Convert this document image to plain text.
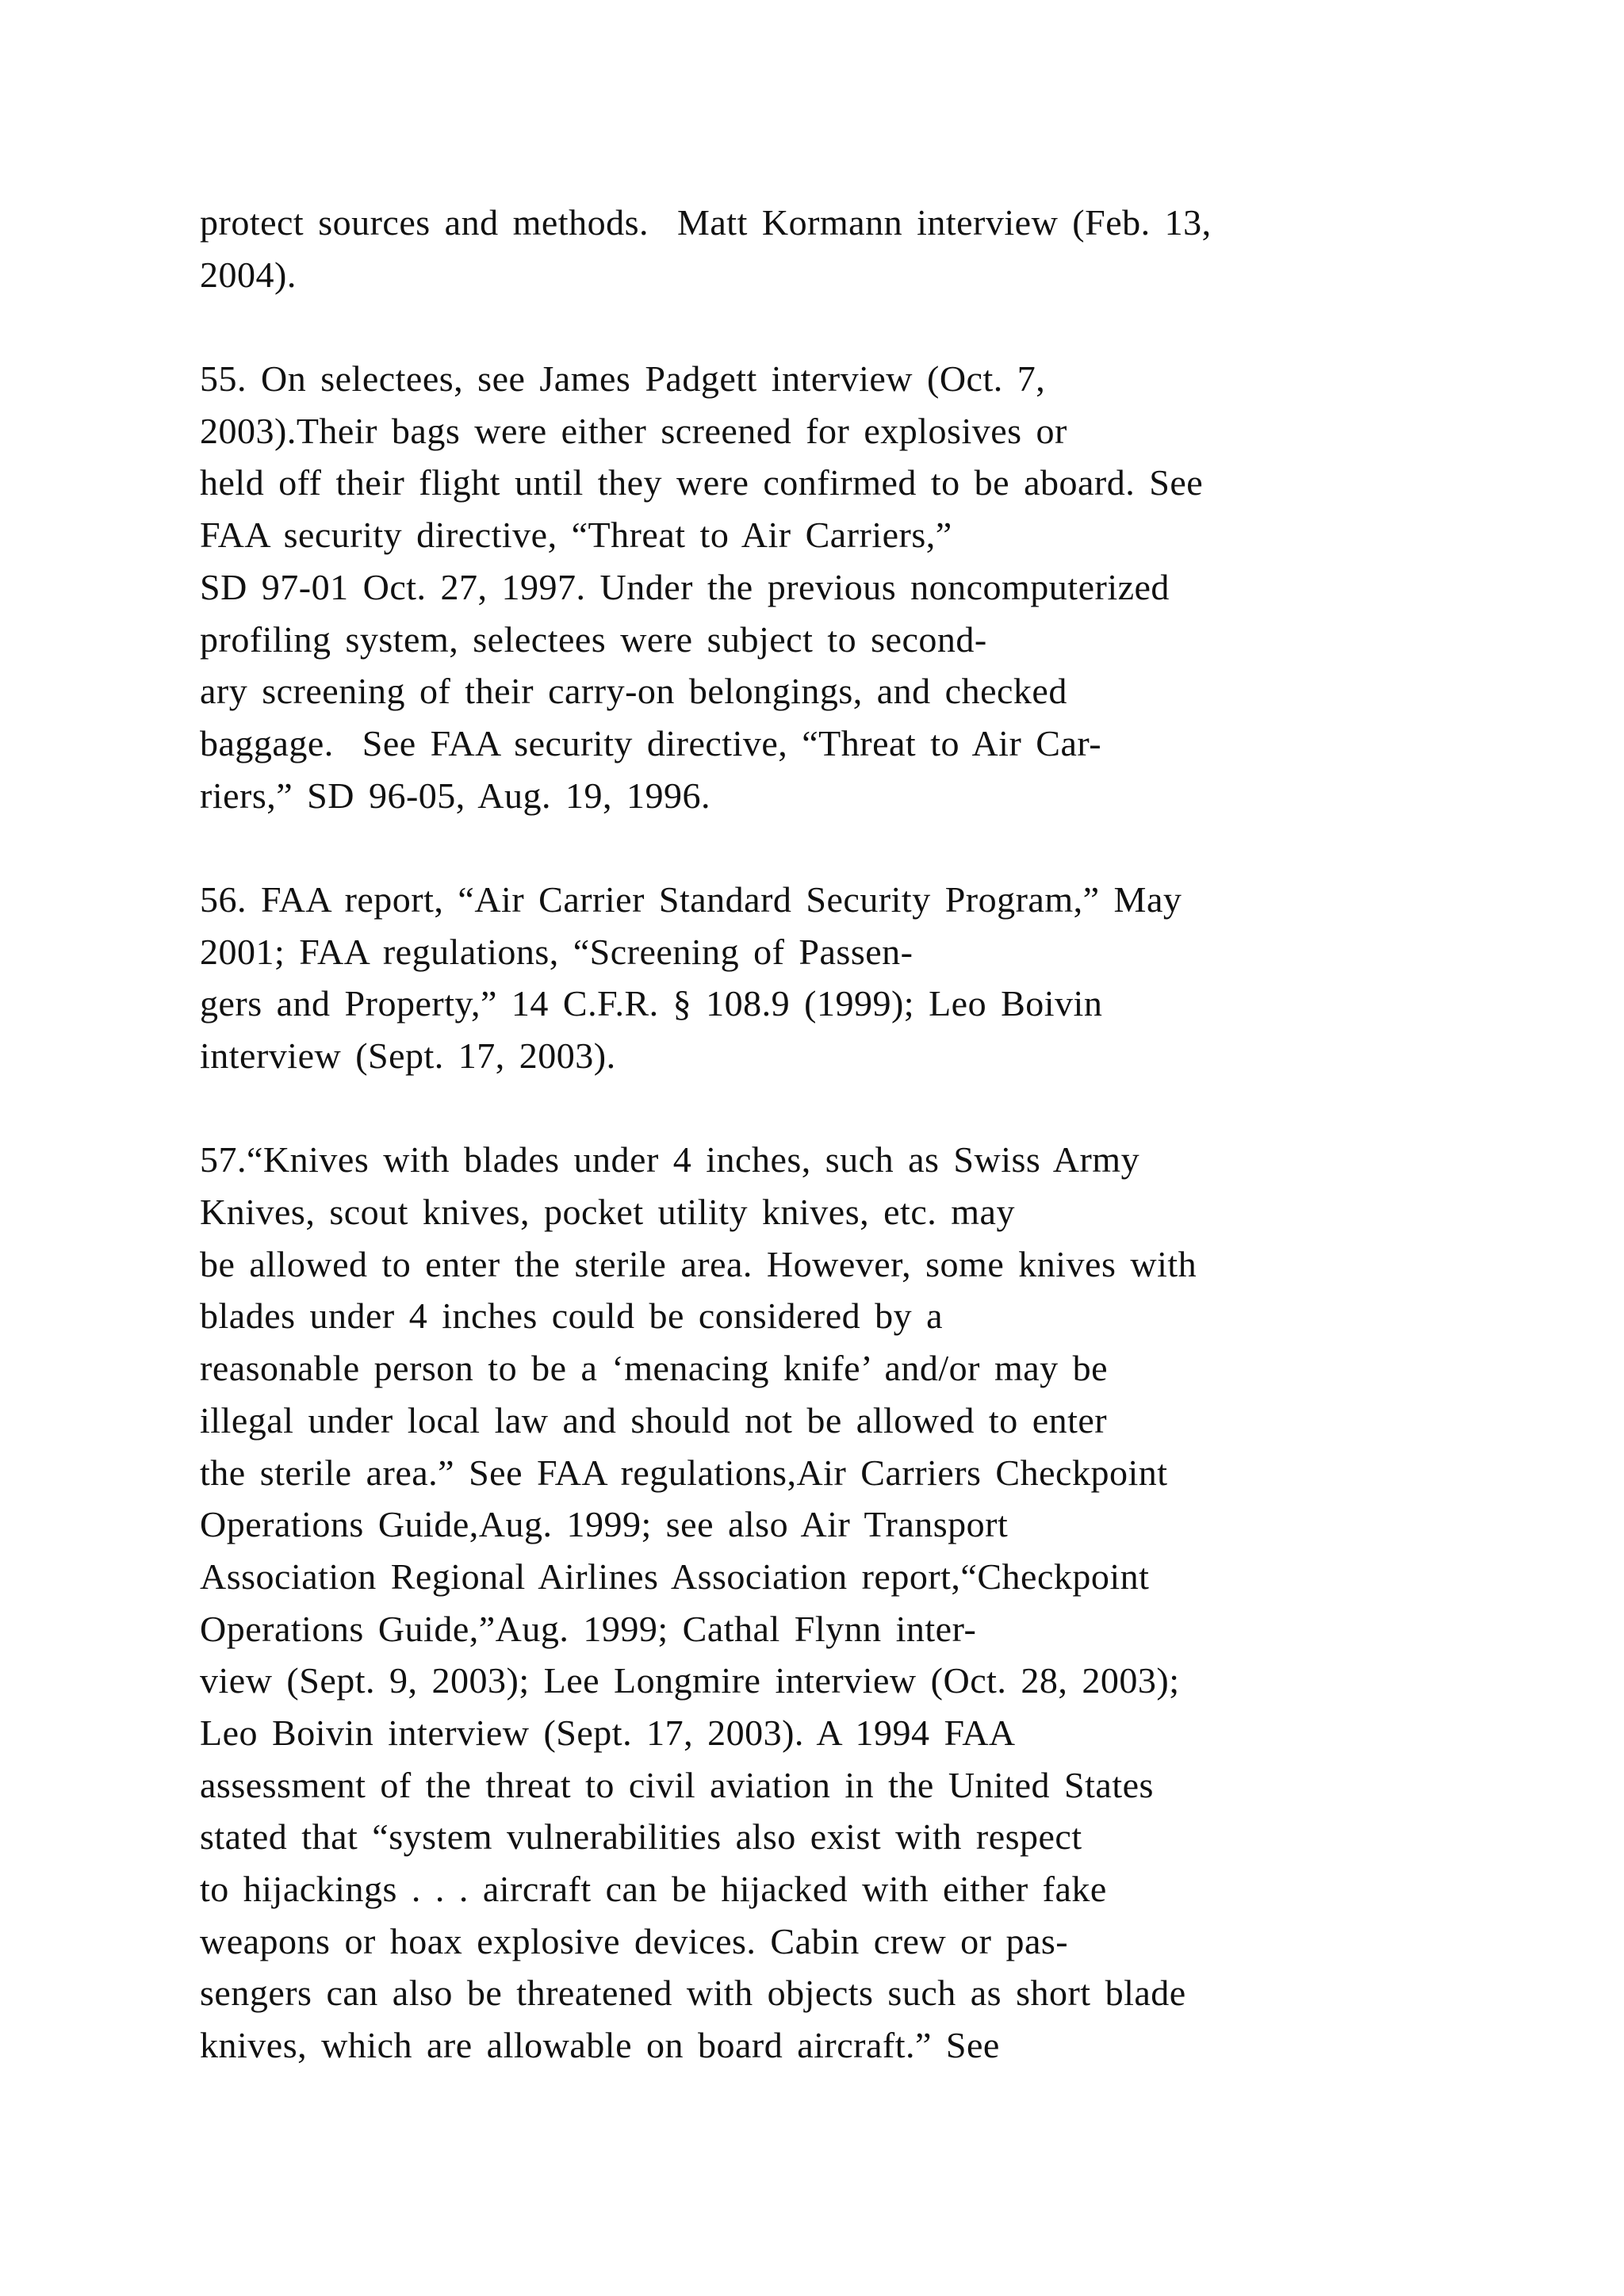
protect sources and methods.  Matt Kormann interview (Feb. 13,
2004).
55. On selectees, see James Padgett interview (Oct. 7,
2003).Their bags were either screened for explosives or
held off their flight until they were confirmed to be aboard. See
FAA security directive, “Threat to Air Carriers,”
SD 97-01 Oct. 27, 1997. Under the previous noncomputerized
profiling system, selectees were subject to second-
ary screening of their carry-on belongings, and checked
baggage.  See FAA security directive, “Threat to Air Car-
riers,” SD 96-05, Aug. 19, 1996.
56. FAA report, “Air Carrier Standard Security Program,” May
2001; FAA regulations, “Screening of Passen-
gers and Property,” 14 C.F.R. § 108.9 (1999); Leo Boivin
interview (Sept. 17, 2003).
57.“Knives with blades under 4 inches, such as Swiss Army
Knives, scout knives, pocket utility knives, etc. may
be allowed to enter the sterile area. However, some knives with
blades under 4 inches could be considered by a
reasonable person to be a ‘menacing knife’ and/or may be
illegal under local law and should not be allowed to enter
the sterile area.” See FAA regulations,Air Carriers Checkpoint
Operations Guide,Aug. 1999; see also Air Transport
Association Regional Airlines Association report,“Checkpoint
Operations Guide,”Aug. 1999; Cathal Flynn inter-
view (Sept. 9, 2003); Lee Longmire interview (Oct. 28, 2003);
Leo Boivin interview (Sept. 17, 2003). A 1994 FAA
assessment of the threat to civil aviation in the United States
stated that “system vulnerabilities also exist with respect
to hijackings . . . aircraft can be hijacked with either fake
weapons or hoax explosive devices. Cabin crew or pas-
sengers can also be threatened with objects such as short blade
knives, which are allowable on board aircraft.” See
